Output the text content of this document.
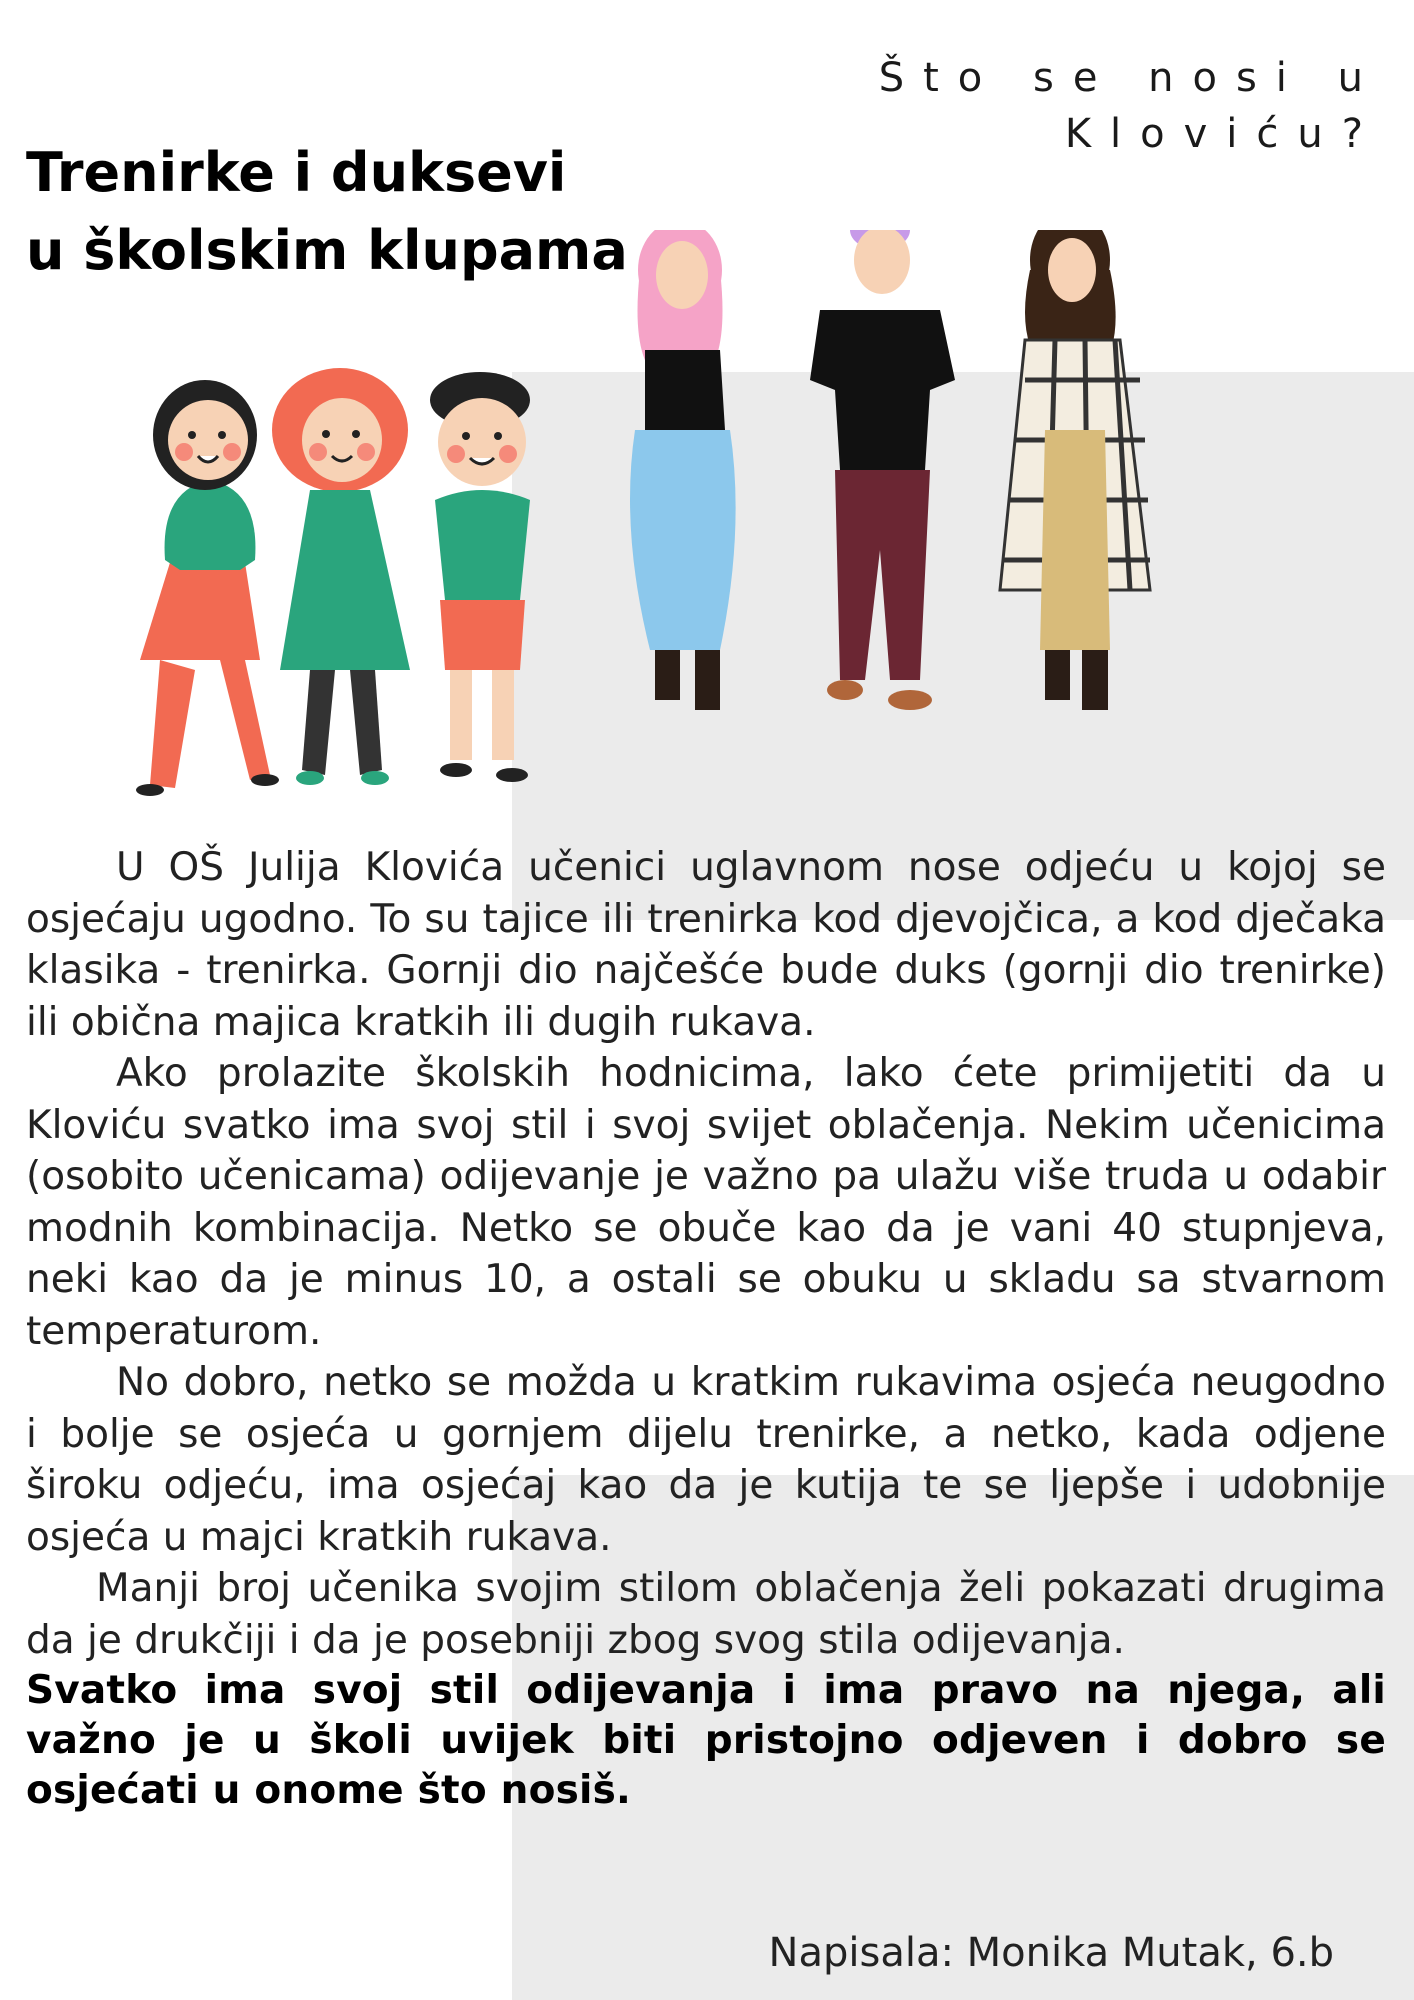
Što se nosi u Kloviću?
Trenirke i duksevi
u školskim klupama

U OŠ Julija Klovića učenici uglavnom nose odjeću u kojoj se osjećaju ugodno. To su tajice ili trenirka kod djevojčica, a kod dječaka klasika - trenirka. Gornji dio najčešće bude duks (gornji dio trenirke) ili obična majica kratkih ili dugih rukava.

Ako prolazite školskih hodnicima, lako ćete primijetiti da u Kloviću svatko ima svoj stil i svoj svijet oblačenja. Nekim učenicima (osobito učenicama) odijevanje je važno pa ulažu više truda u odabir modnih kombinacija. Netko se obuče kao da je vani 40 stupnjeva, neki kao da je minus 10, a ostali se obuku u skladu sa stvarnom temperaturom.

No dobro, netko se možda u kratkim rukavima osjeća neugodno i bolje se osjeća u gornjem dijelu trenirke, a netko, kada odjene široku odjeću, ima osjećaj kao da je kutija te se ljepše i udobnije osjeća u majci kratkih rukava.

Manji broj učenika svojim stilom oblačenja želi pokazati drugima da je drukčiji i da je posebniji zbog svog stila odijevanja.

Svatko ima svoj stil odijevanja i ima pravo na njega, ali važno je u školi uvijek biti pristojno odjeven i dobro se osjećati u onome što nosiš.

Napisala: Monika Mutak, 6.b
